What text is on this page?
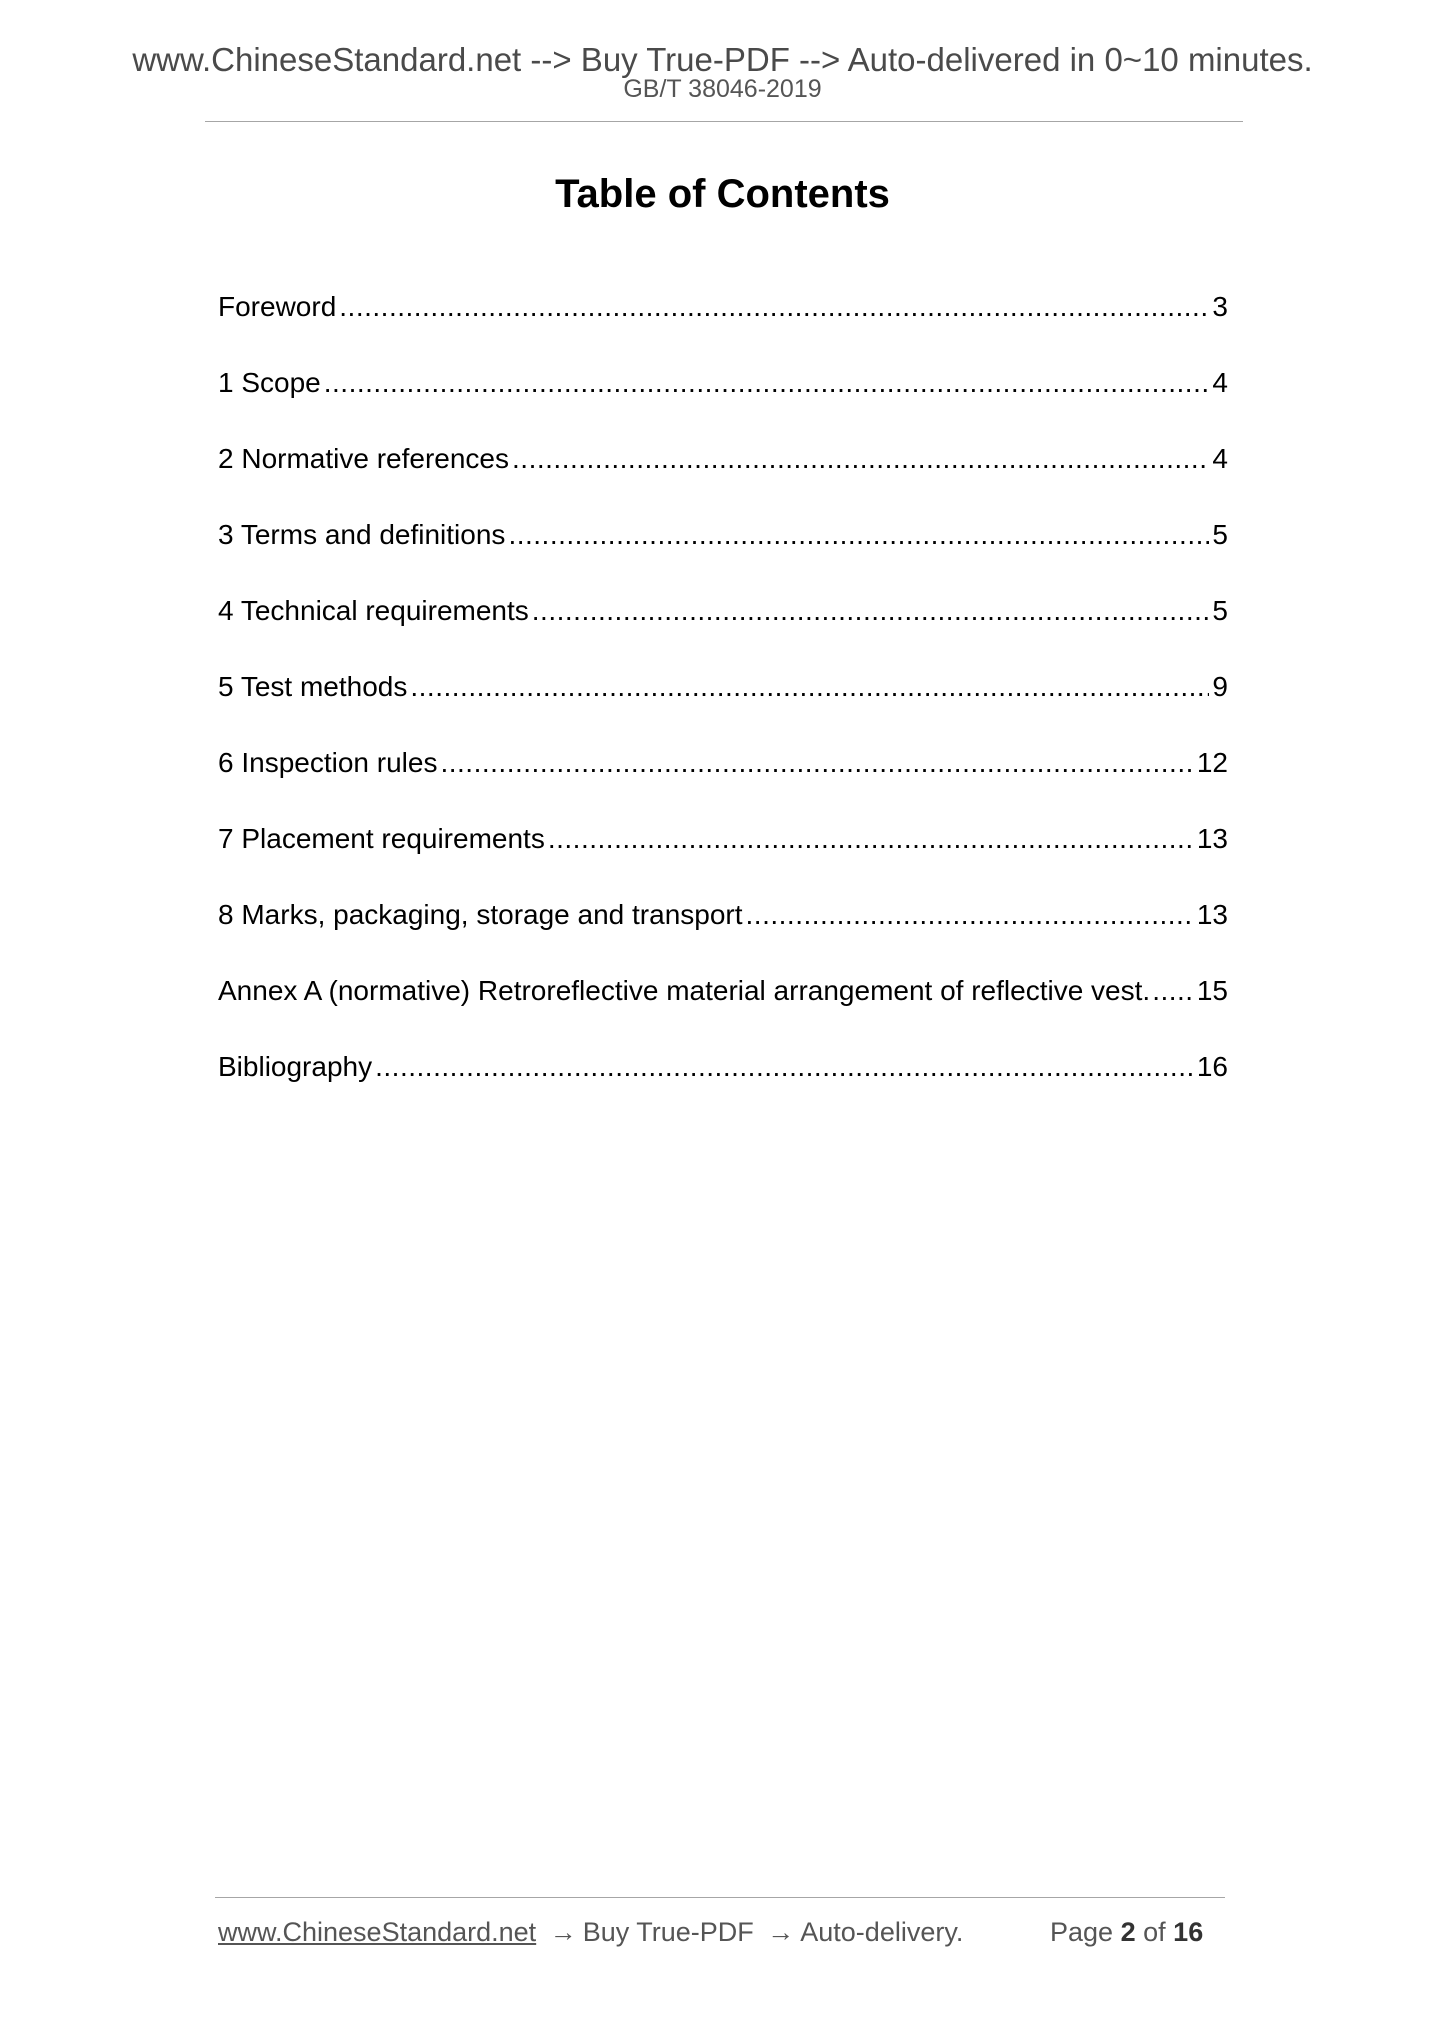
www.ChineseStandard.net --> Buy True-PDF --> Auto-delivered in 0~10 minutes.
GB/T 38046-2019
Table of Contents
Foreword .....	3
1 Scope .....	4
2 Normative references .....	4
3 Terms and definitions .....	5
4 Technical requirements .....	5
5 Test methods .....	9
6 Inspection rules .....	12
7 Placement requirements .....	13
8 Marks, packaging, storage and transport .....	13
Annex A (normative) Retroreflective material arrangement of reflective vest. ..... 15
Bibliography .....	16
www.ChineseStandard.net → Buy True-PDF → Auto-delivery.	Page 2 of 16
